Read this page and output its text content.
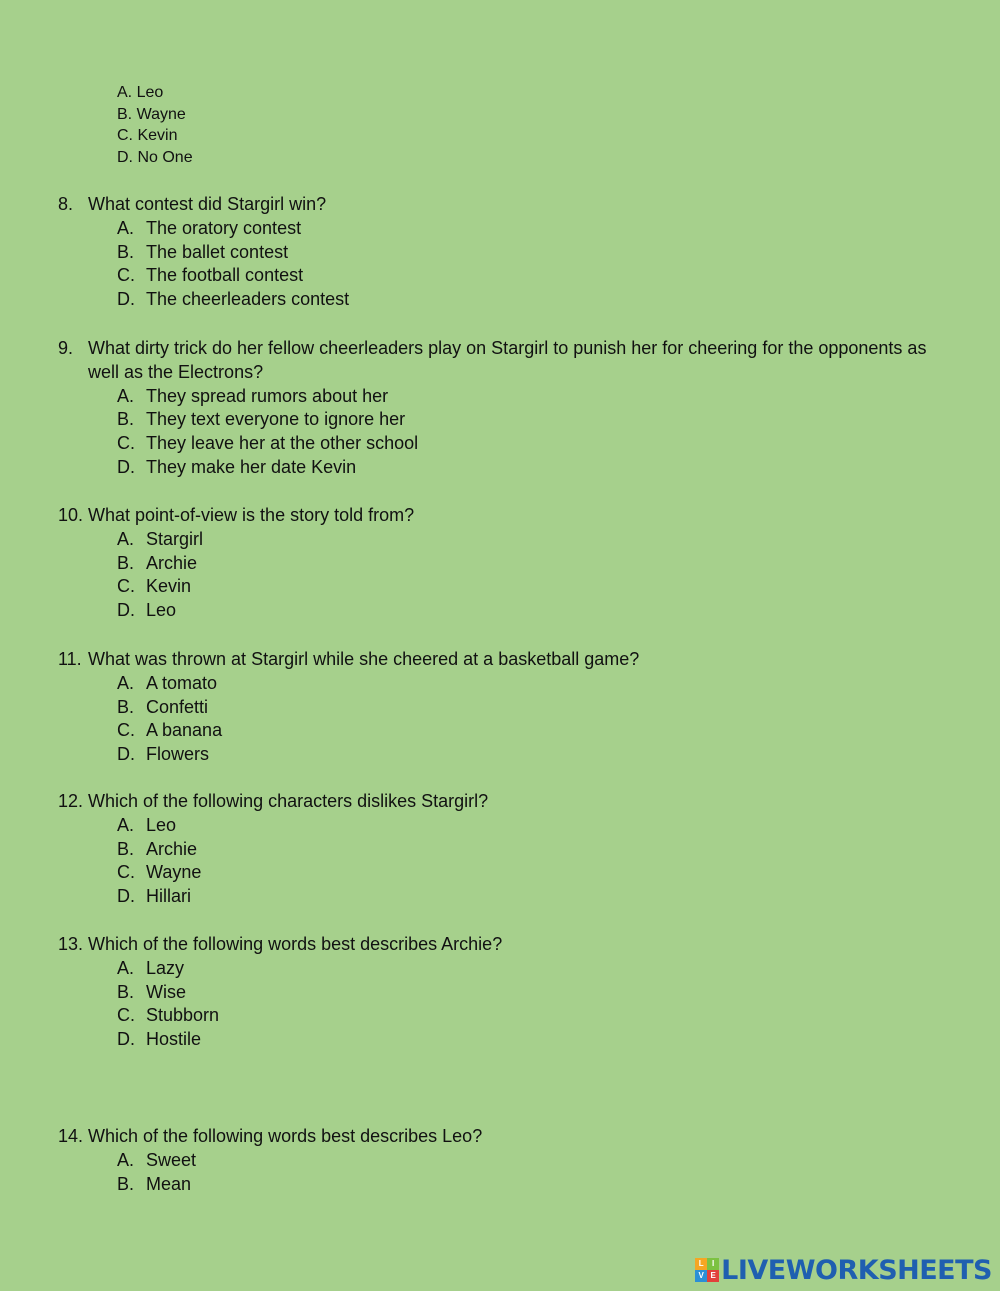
A. Leo
B. Wayne
C. Kevin
D. No One
8. What contest did Stargirl win?
A. The oratory contest
B. The ballet contest
C. The football contest
D. The cheerleaders contest
9. What dirty trick do her fellow cheerleaders play on Stargirl to punish her for cheering for the opponents as well as the Electrons?
A. They spread rumors about her
B. They text everyone to ignore her
C. They leave her at the other school
D. They make her date Kevin
10. What point-of-view is the story told from?
A. Stargirl
B. Archie
C. Kevin
D. Leo
11. What was thrown at Stargirl while she cheered at a basketball game?
A. A tomato
B. Confetti
C. A banana
D. Flowers
12. Which of the following characters dislikes Stargirl?
A. Leo
B. Archie
C. Wayne
D. Hillari
13. Which of the following words best describes Archie?
A. Lazy
B. Wise
C. Stubborn
D. Hostile
14. Which of the following words best describes Leo?
A. Sweet
B. Mean
L	I
V E LIVEWORKSHEETS
